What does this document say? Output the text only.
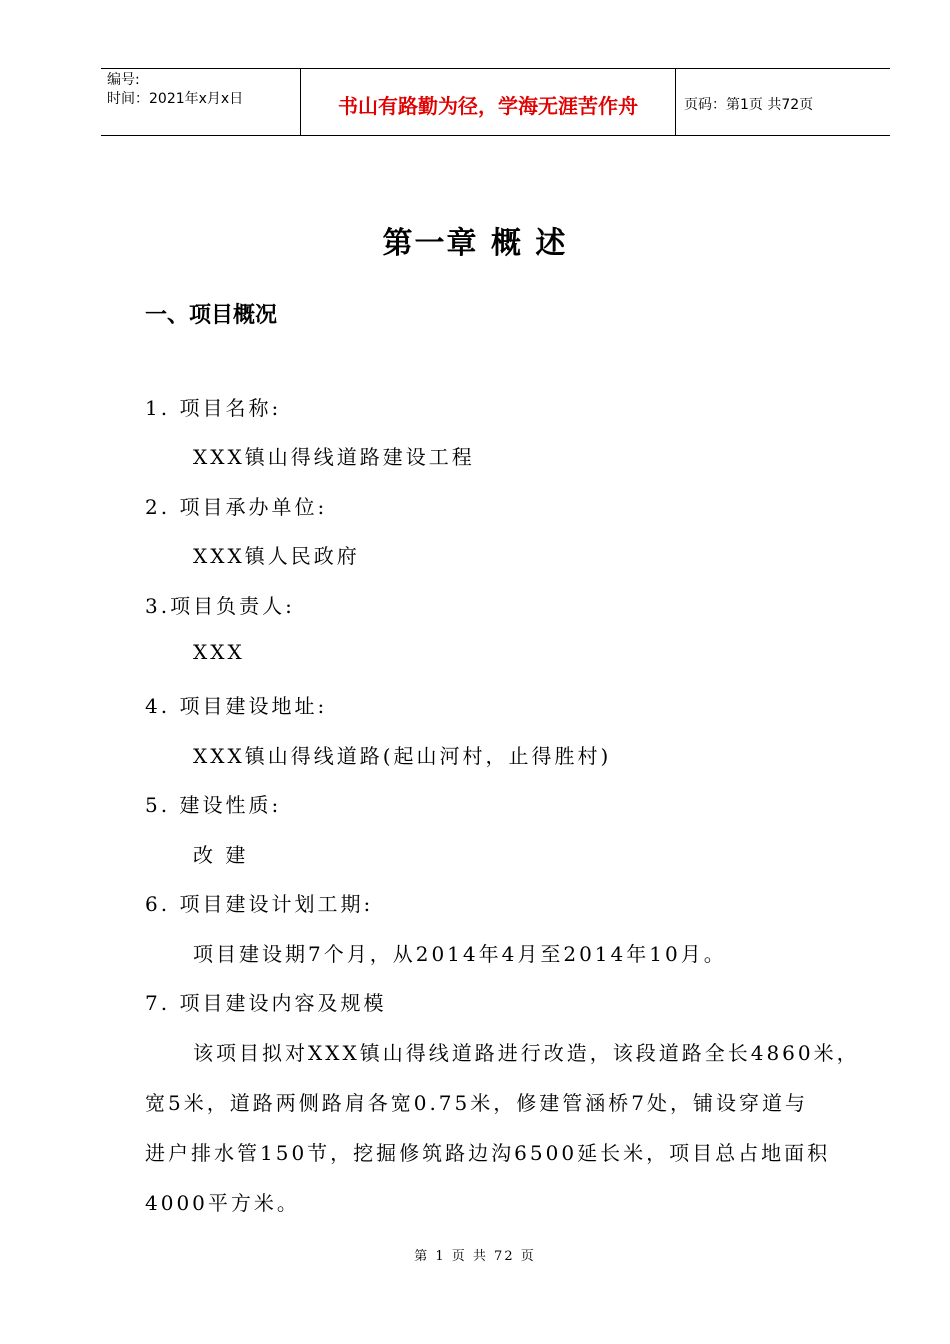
编号:
时间：2021年x月x日	书山有路勤为径，学海无涯苦作舟	页码：第1页 共72页
第一章 概 述
一、项目概况
1. 项目名称:
XXX镇山得线道路建设工程
2. 项目承办单位:
XXX镇人民政府
3.项目负责人:
XXX
4. 项目建设地址:
XXX镇山得线道路(起山河村，止得胜村)
5. 建设性质:
改 建
6. 项目建设计划工期:
项目建设期7个月，从2014年4月至2014年10月。
7. 项目建设内容及规模
该项目拟对XXX镇山得线道路进行改造，该段道路全长4860米，
宽5米，道路两侧路肩各宽0.75米，修建管涵桥7处，铺设穿道与
进户排水管150节，挖掘修筑路边沟6500延长米，项目总占地面积
4000平方米。
第 1 页 共 72 页
